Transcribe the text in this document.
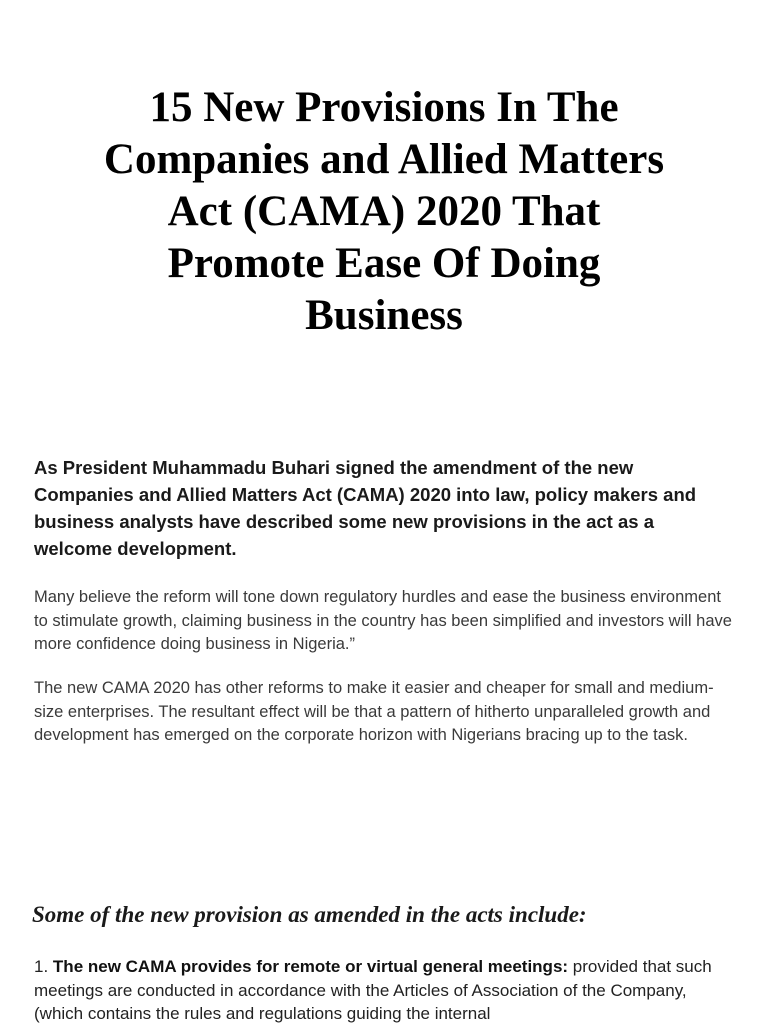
15 New Provisions In The Companies and Allied Matters Act (CAMA) 2020 That Promote Ease Of Doing Business

As President Muhammadu Buhari signed the amendment of the new Companies and Allied Matters Act (CAMA) 2020 into law, policy makers and business analysts have described some new provisions in the act as a welcome development.

Many believe the reform will tone down regulatory hurdles and ease the business environment to stimulate growth, claiming business in the country has been simplified and investors will have more confidence doing business in Nigeria.”

The new CAMA 2020 has other reforms to make it easier and cheaper for small and medium-size enterprises. The resultant effect will be that a pattern of hitherto unparalleled growth and development has emerged on the corporate horizon with Nigerians bracing up to the task.

Some of the new provision as amended in the acts include:

1. The new CAMA provides for remote or virtual general meetings: provided that such meetings are conducted in accordance with the Articles of Association of the Company, (which contains the rules and regulations guiding the internal
